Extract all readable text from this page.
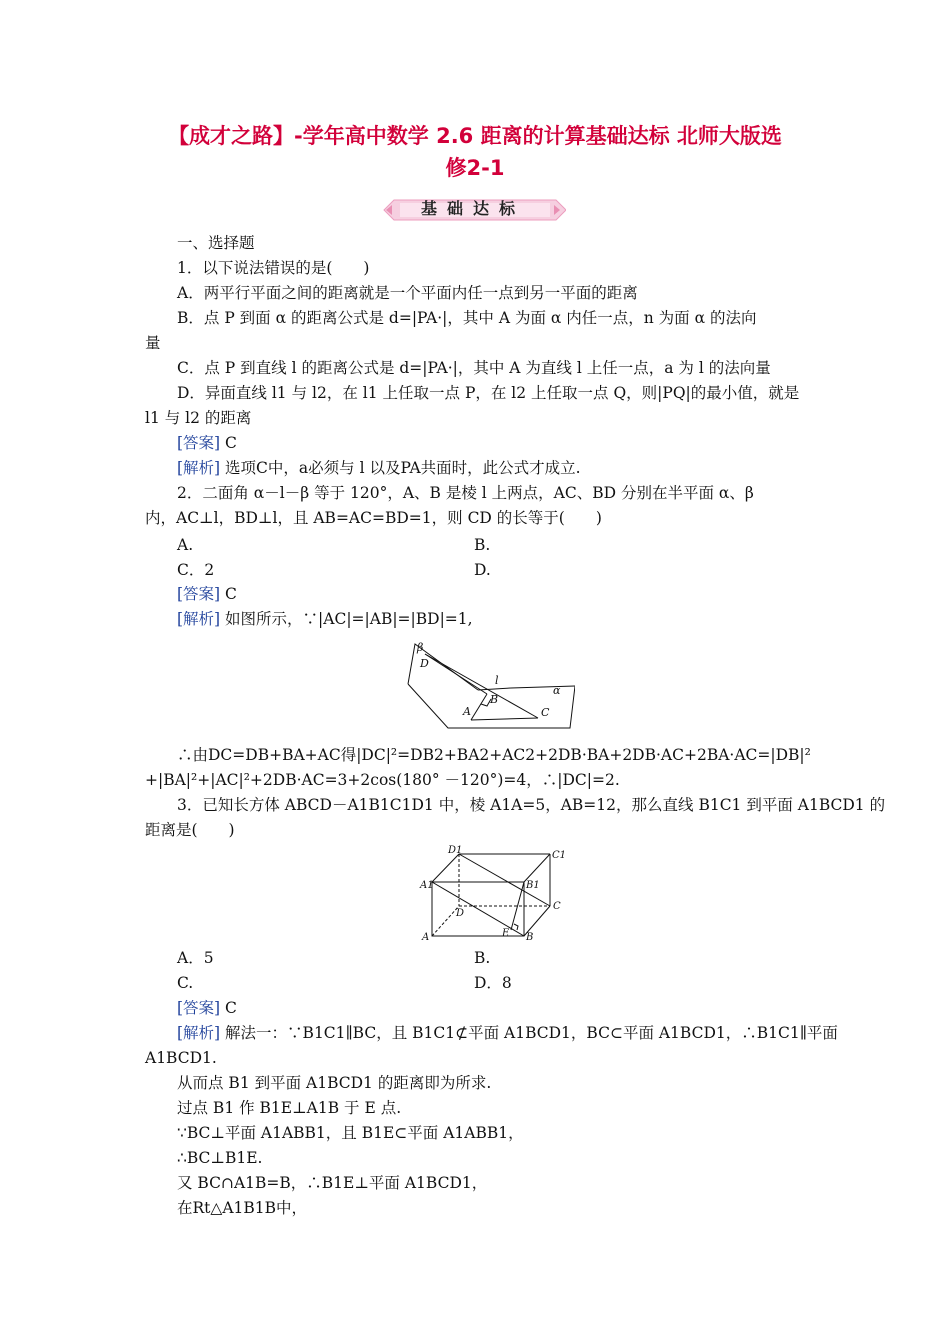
【成才之路】-学年高中数学 2.6 距离的计算基础达标 北师大版选
修2-1
基础达标
一、选择题
1．以下说法错误的是(　　)
A．两平行平面之间的距离就是一个平面内任一点到另一平面的距离
B．点 P 到面 α 的距离公式是 d=|PA·|，其中 A 为面 α 内任一点，n 为面 α 的法向
量
C．点 P 到直线 l 的距离公式是 d=|PA·|，其中 A 为直线 l 上任一点，a 为 l 的法向量
D．异面直线 l1 与 l2，在 l1 上任取一点 P，在 l2 上任取一点 Q，则|PQ|的最小值，就是
l1 与 l2 的距离
[答案] C
[解析] 选项C中，a必须与 l 以及PA共面时，此公式才成立.
2．二面角 α－l－β 等于 120°，A、B 是棱 l 上两点，AC、BD 分别在半平面 α、β
内，AC⊥l，BD⊥l，且 AB=AC=BD=1，则 CD 的长等于(　　)
A.	B.
C．2	D.
[答案] C
[解析] 如图所示，∵|AC|=|AB|=|BD|=1,
β
D
l
B
A	C
α
∴由DC=DB+BA+AC得|DC|²=DB2+BA2+AC2+2DB·BA+2DB·AC+2BA·AC=|DB|²
+|BA|²+|AC|²+2DB·AC=3+2cos(180° －120°)=4，∴|DC|=2.
3．已知长方体 ABCD－A1B1C1D1 中，棱 A1A=5，AB=12，那么直线 B1C1 到平面 A1BCD1 的
距离是(　　)
D1	C1
A1	B1
D
C
A	E B
A．5	B.
C.	D．8
[答案] C
[解析] 解法一：∵B1C1∥BC，且 B1C1⊄平面 A1BCD1，BC⊂平面 A1BCD1，∴B1C1∥平面
A1BCD1.
从而点 B1 到平面 A1BCD1 的距离即为所求.
过点 B1 作 B1E⊥A1B 于 E 点.
∵BC⊥平面 A1ABB1，且 B1E⊂平面 A1ABB1，
∴BC⊥B1E.
又 BC∩A1B=B，∴B1E⊥平面 A1BCD1，
在Rt△A1B1B中，
